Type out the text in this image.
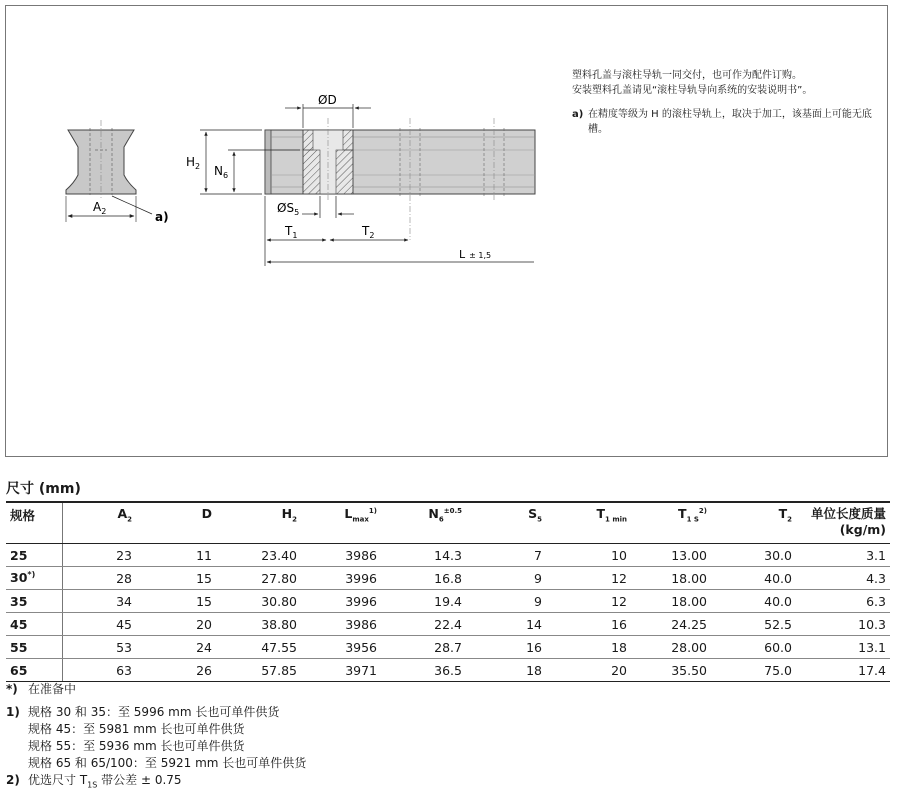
$A_2$	a)
ØD
$H_2$ $N_6$
$ØS_5$
$T_1$	$T_2$
L ± 1,5

塑料孔盖与滚柱导轨一同交付，也可作为配件订购。

安装塑料孔盖请见“滚柱导轨导向系统的安装说明书”。

a) 在精度等级为 H 的滚柱导轨上，取决于加工，该基面上可能无底槽。
尺寸 (mm)
规格	$A_2$	D	$H_2$	$L_{max}^{1)}$	$N_6^{\pm 0.5}$	$S_5$	$T_{1 min}$	$T_{1 S}^{2)}$	$T_2$	单位长度质量
(kg/m)
25	23	11	23.40	3986	14.3	7	10	13.00	30.0	3.1
30*)	28	15	27.80	3996	16.8	9	12	18.00	40.0	4.3
35	34	15	30.80	3996	19.4	9	12	18.00	40.0	6.3
45	45	20	38.80	3986	22.4	14	16	24.25	52.5	10.3
55	53	24	47.55	3956	28.7	16	18	28.00	60.0	13.1
65	63	26	57.85	3971	36.5	18	20	35.50	75.0	17.4
*) 在准备中
1) 规格 30 和 35：至 5996 mm 长也可单件供货
规格 45：至 5981 mm 长也可单件供货
规格 55：至 5936 mm 长也可单件供货
规格 65 和 65/100：至 5921 mm 长也可单件供货
2) 优选尺寸 $T_{1S}$ 带公差 ± 0.75
